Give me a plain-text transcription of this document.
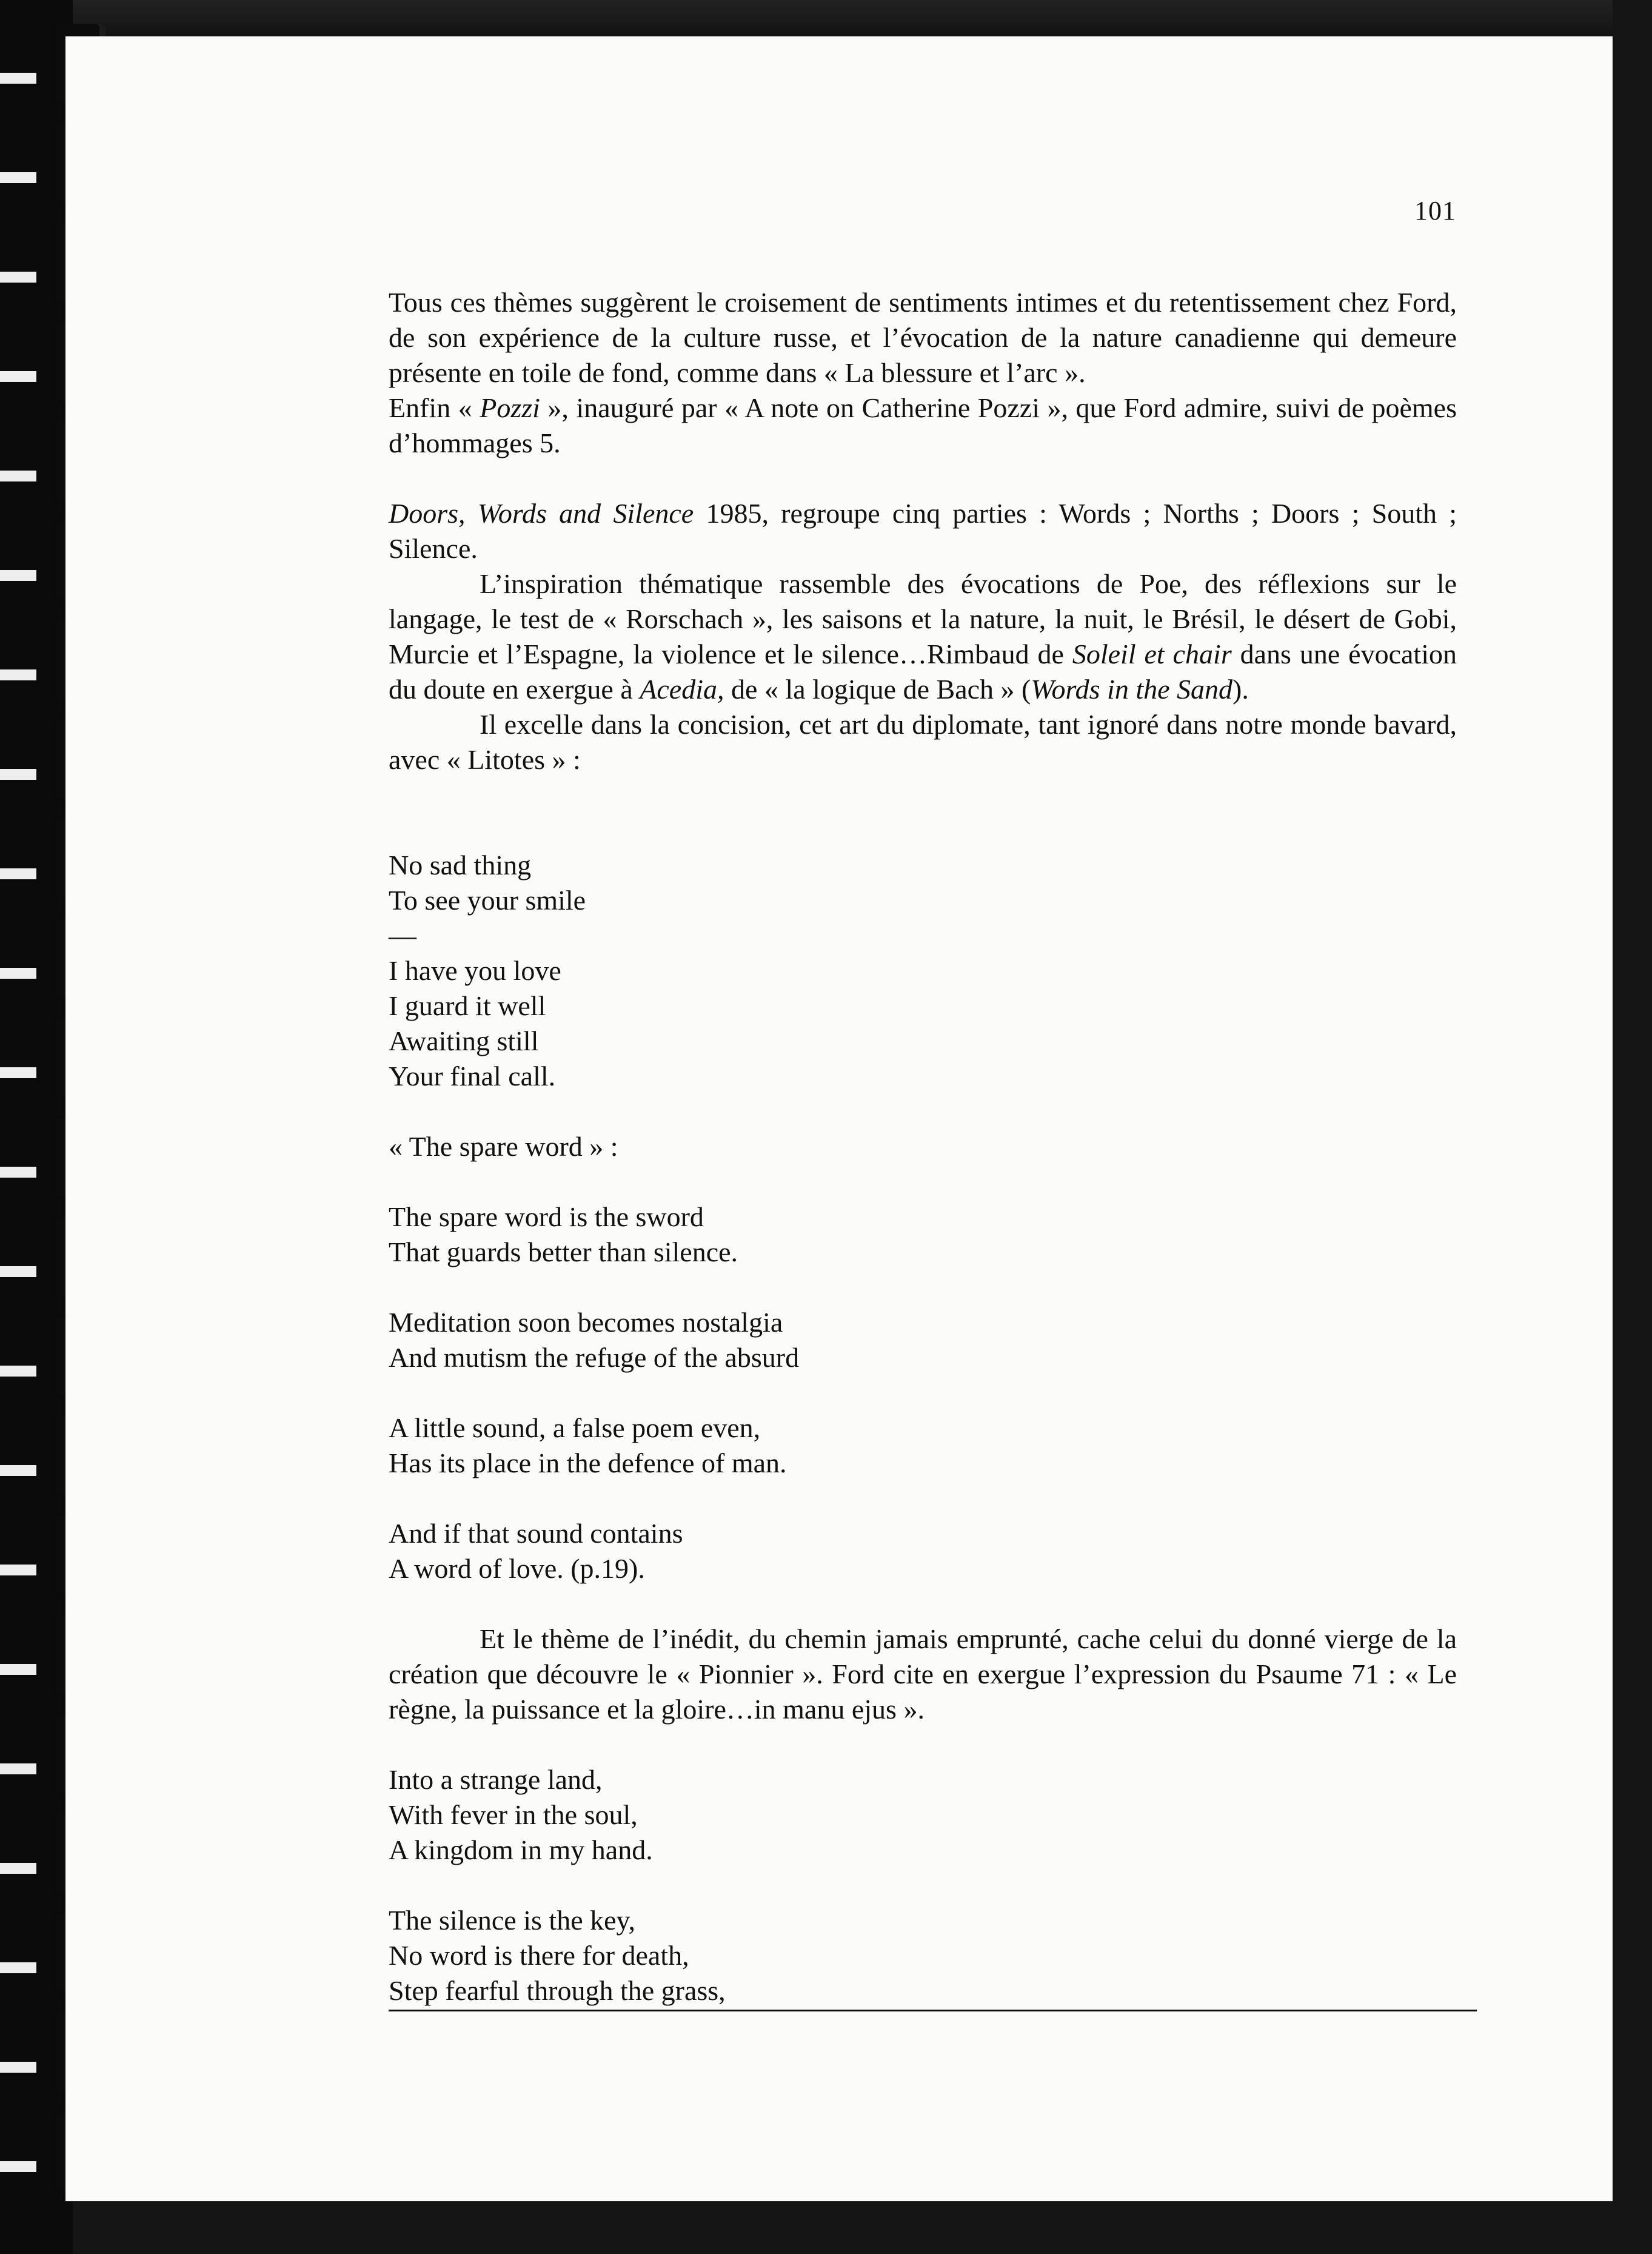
101

Tous ces thèmes suggèrent le croisement de sentiments intimes et du retentissement chez Ford, de son expérience de la culture russe, et l’évocation de la nature canadienne qui demeure présente en toile de fond, comme dans « La blessure et l’arc ».

Enfin « Pozzi », inauguré par « A note on Catherine Pozzi », que Ford admire, suivi de poèmes d’hommages 5.

Doors, Words and Silence 1985, regroupe cinq parties : Words ; Norths ; Doors ; South ; Silence.

L’inspiration thématique rassemble des évocations de Poe, des réflexions sur le langage, le test de « Rorschach », les saisons et la nature, la nuit, le Brésil, le désert de Gobi, Murcie et l’Espagne, la violence et le silence…Rimbaud de Soleil et chair dans une évocation du doute en exergue à Acedia, de « la logique de Bach » (Words in the Sand).

Il excelle dans la concision, cet art du diplomate, tant ignoré dans notre monde bavard, avec « Litotes » :

No sad thing

To see your smile

—

I have you love

I guard it well

Awaiting still

Your final call.

« The spare word » :

The spare word is the sword

That guards better than silence.

Meditation soon becomes nostalgia

And mutism the refuge of the absurd

A little sound, a false poem even,

Has its place in the defence of man.

And if that sound contains

A word of love. (p.19).

Et le thème de l’inédit, du chemin jamais emprunté, cache celui du donné vierge de la création que découvre le « Pionnier ». Ford cite en exergue l’expression du Psaume 71 : « Le règne, la puissance et la gloire…in manu ejus ».

Into a strange land,

With fever in the soul,

A kingdom in my hand.

The silence is the key,

No word is there for death,

Step fearful through the grass,
